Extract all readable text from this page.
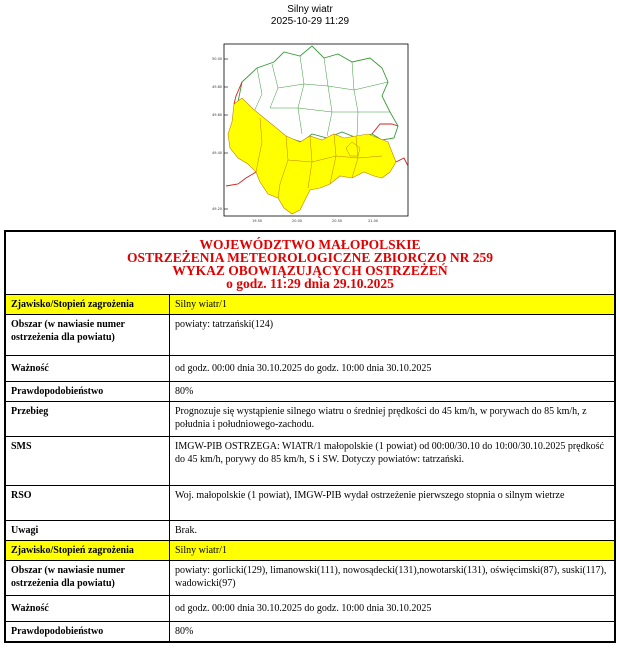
Silny wiatr
2025-10-29 11:29
50.00
49.80
49.60
49.40
49.20
19.50	20.00	20.50	21.00
WOJEWÓDZTWO MAŁOPOLSKIE
OSTRZEŻENIA METEOROLOGICZNE ZBIORCZO NR 259
WYKAZ OBOWIĄZUJĄCYCH OSTRZEŻEŃ
o godz. 11:29 dnia 29.10.2025	

Zjawisko/Stopień zagrożenia	Silny wiatr/1
Obszar (w nawiasie numer ostrzeżenia dla powiatu)	powiaty: tatrzański(124)
Ważność	od godz. 00:00 dnia 30.10.2025 do godz. 10:00 dnia 30.10.2025
Prawdopodobieństwo	80%
Przebieg	Prognozuje się wystąpienie silnego wiatru o średniej prędkości do 45 km/h, w porywach do 85 km/h, z południa i południowego-zachodu.
SMS	IMGW-PIB OSTRZEGA: WIATR/1 małopolskie (1 powiat) od 00:00/30.10 do 10:00/30.10.2025 prędkość do 45 km/h, porywy do 85 km/h, S i SW. Dotyczy powiatów: tatrzański.
RSO	Woj. małopolskie (1 powiat), IMGW-PIB wydał ostrzeżenie pierwszego stopnia o silnym wietrze
Uwagi	Brak.
Zjawisko/Stopień zagrożenia	Silny wiatr/1
Obszar (w nawiasie numer ostrzeżenia dla powiatu)	powiaty: gorlicki(129), limanowski(111), nowosądecki(131),nowotarski(131), oświęcimski(87), suski(117), wadowicki(97)
Ważność	od godz. 00:00 dnia 30.10.2025 do godz. 10:00 dnia 30.10.2025
Prawdopodobieństwo	80%
